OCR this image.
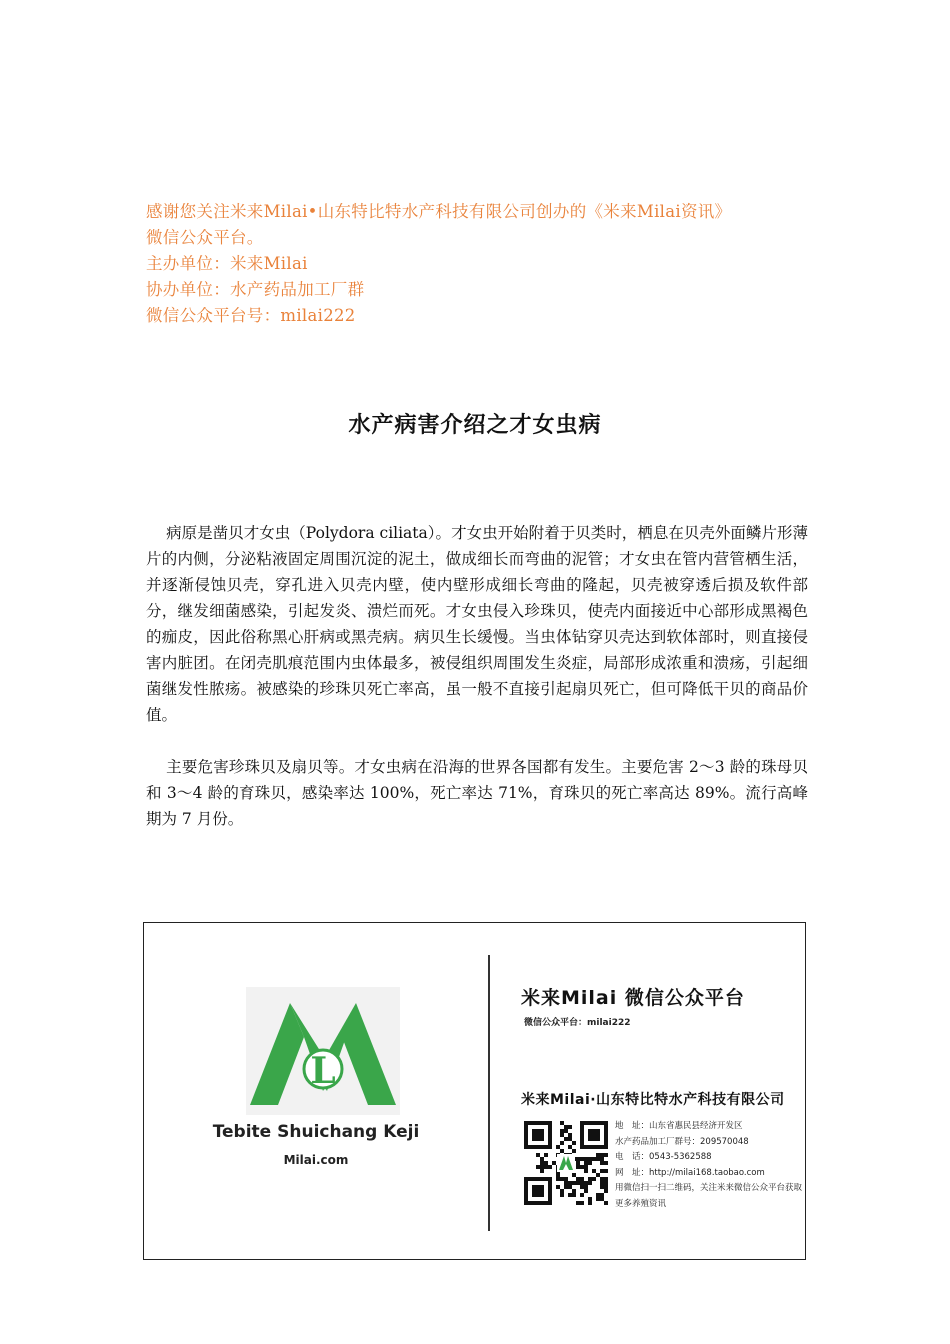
感谢您关注米来Milai•山东特比特水产科技有限公司创办的《米来Milai资讯》

微信公众平台。

主办单位：米来Milai

协办单位：水产药品加工厂群

微信公众平台号：milai222

水产病害介绍之才女虫病

病原是凿贝才女虫（Polydora ciliata）。才女虫开始附着于贝类时，栖息在贝壳外面鳞片形薄片的内侧，分泌粘液固定周围沉淀的泥土，做成细长而弯曲的泥管；才女虫在管内营管栖生活，并逐渐侵蚀贝壳，穿孔进入贝壳内壁，使内壁形成细长弯曲的隆起，贝壳被穿透后损及软件部分，继发细菌感染，引起发炎、溃烂而死。才女虫侵入珍珠贝，使壳内面接近中心部形成黑褐色的痂皮，因此俗称黑心肝病或黑壳病。病贝生长缓慢。当虫体钻穿贝壳达到软体部时，则直接侵害内脏团。在闭壳肌痕范围内虫体最多，被侵组织周围发生炎症，局部形成浓重和溃疡，引起细菌继发性脓疡。被感染的珍珠贝死亡率高，虽一般不直接引起扇贝死亡，但可降低干贝的商品价值。

主要危害珍珠贝及扇贝等。才女虫病在沿海的世界各国都有发生。主要危害 2～3 龄的珠母贝和 3～4 龄的育珠贝，感染率达 100%，死亡率达 71%，育珠贝的死亡率高达 89%。流行高峰期为 7 月份。

L
Tebite Shuichang Keji
Milai.com
米来Milai 微信公众平台
微信公众平台：milai222
米来Milai·山东特比特水产科技有限公司
地　址：山东省惠民县经济开发区
水产药品加工厂群号：209570048
电　话：0543-5362588
网　址：http://milai168.taobao.com
用微信扫一扫二维码，关注米来微信公众平台获取更多养殖资讯
